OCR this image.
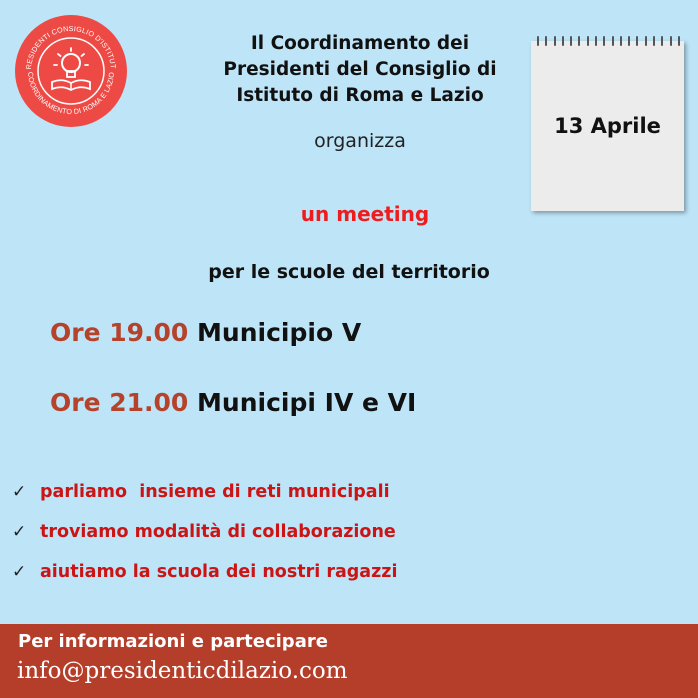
RESIDENTI CONSIGLIO D'ISTITUT
COORDINAMENTO DI ROMA E LAZIO
Il Coordinamento dei
Presidenti del Consiglio di
Istituto di Roma e Lazio
organizza
13 Aprile
un meeting
per le scuole del territorio
Ore 19.00 Municipio V
Ore 21.00 Municipi IV e VI
✓ parliamo  insieme di reti municipali
✓ troviamo modalità di collaborazione
✓ aiutiamo la scuola dei nostri ragazzi
Per informazioni e partecipare
info@presidenticdilazio.com
